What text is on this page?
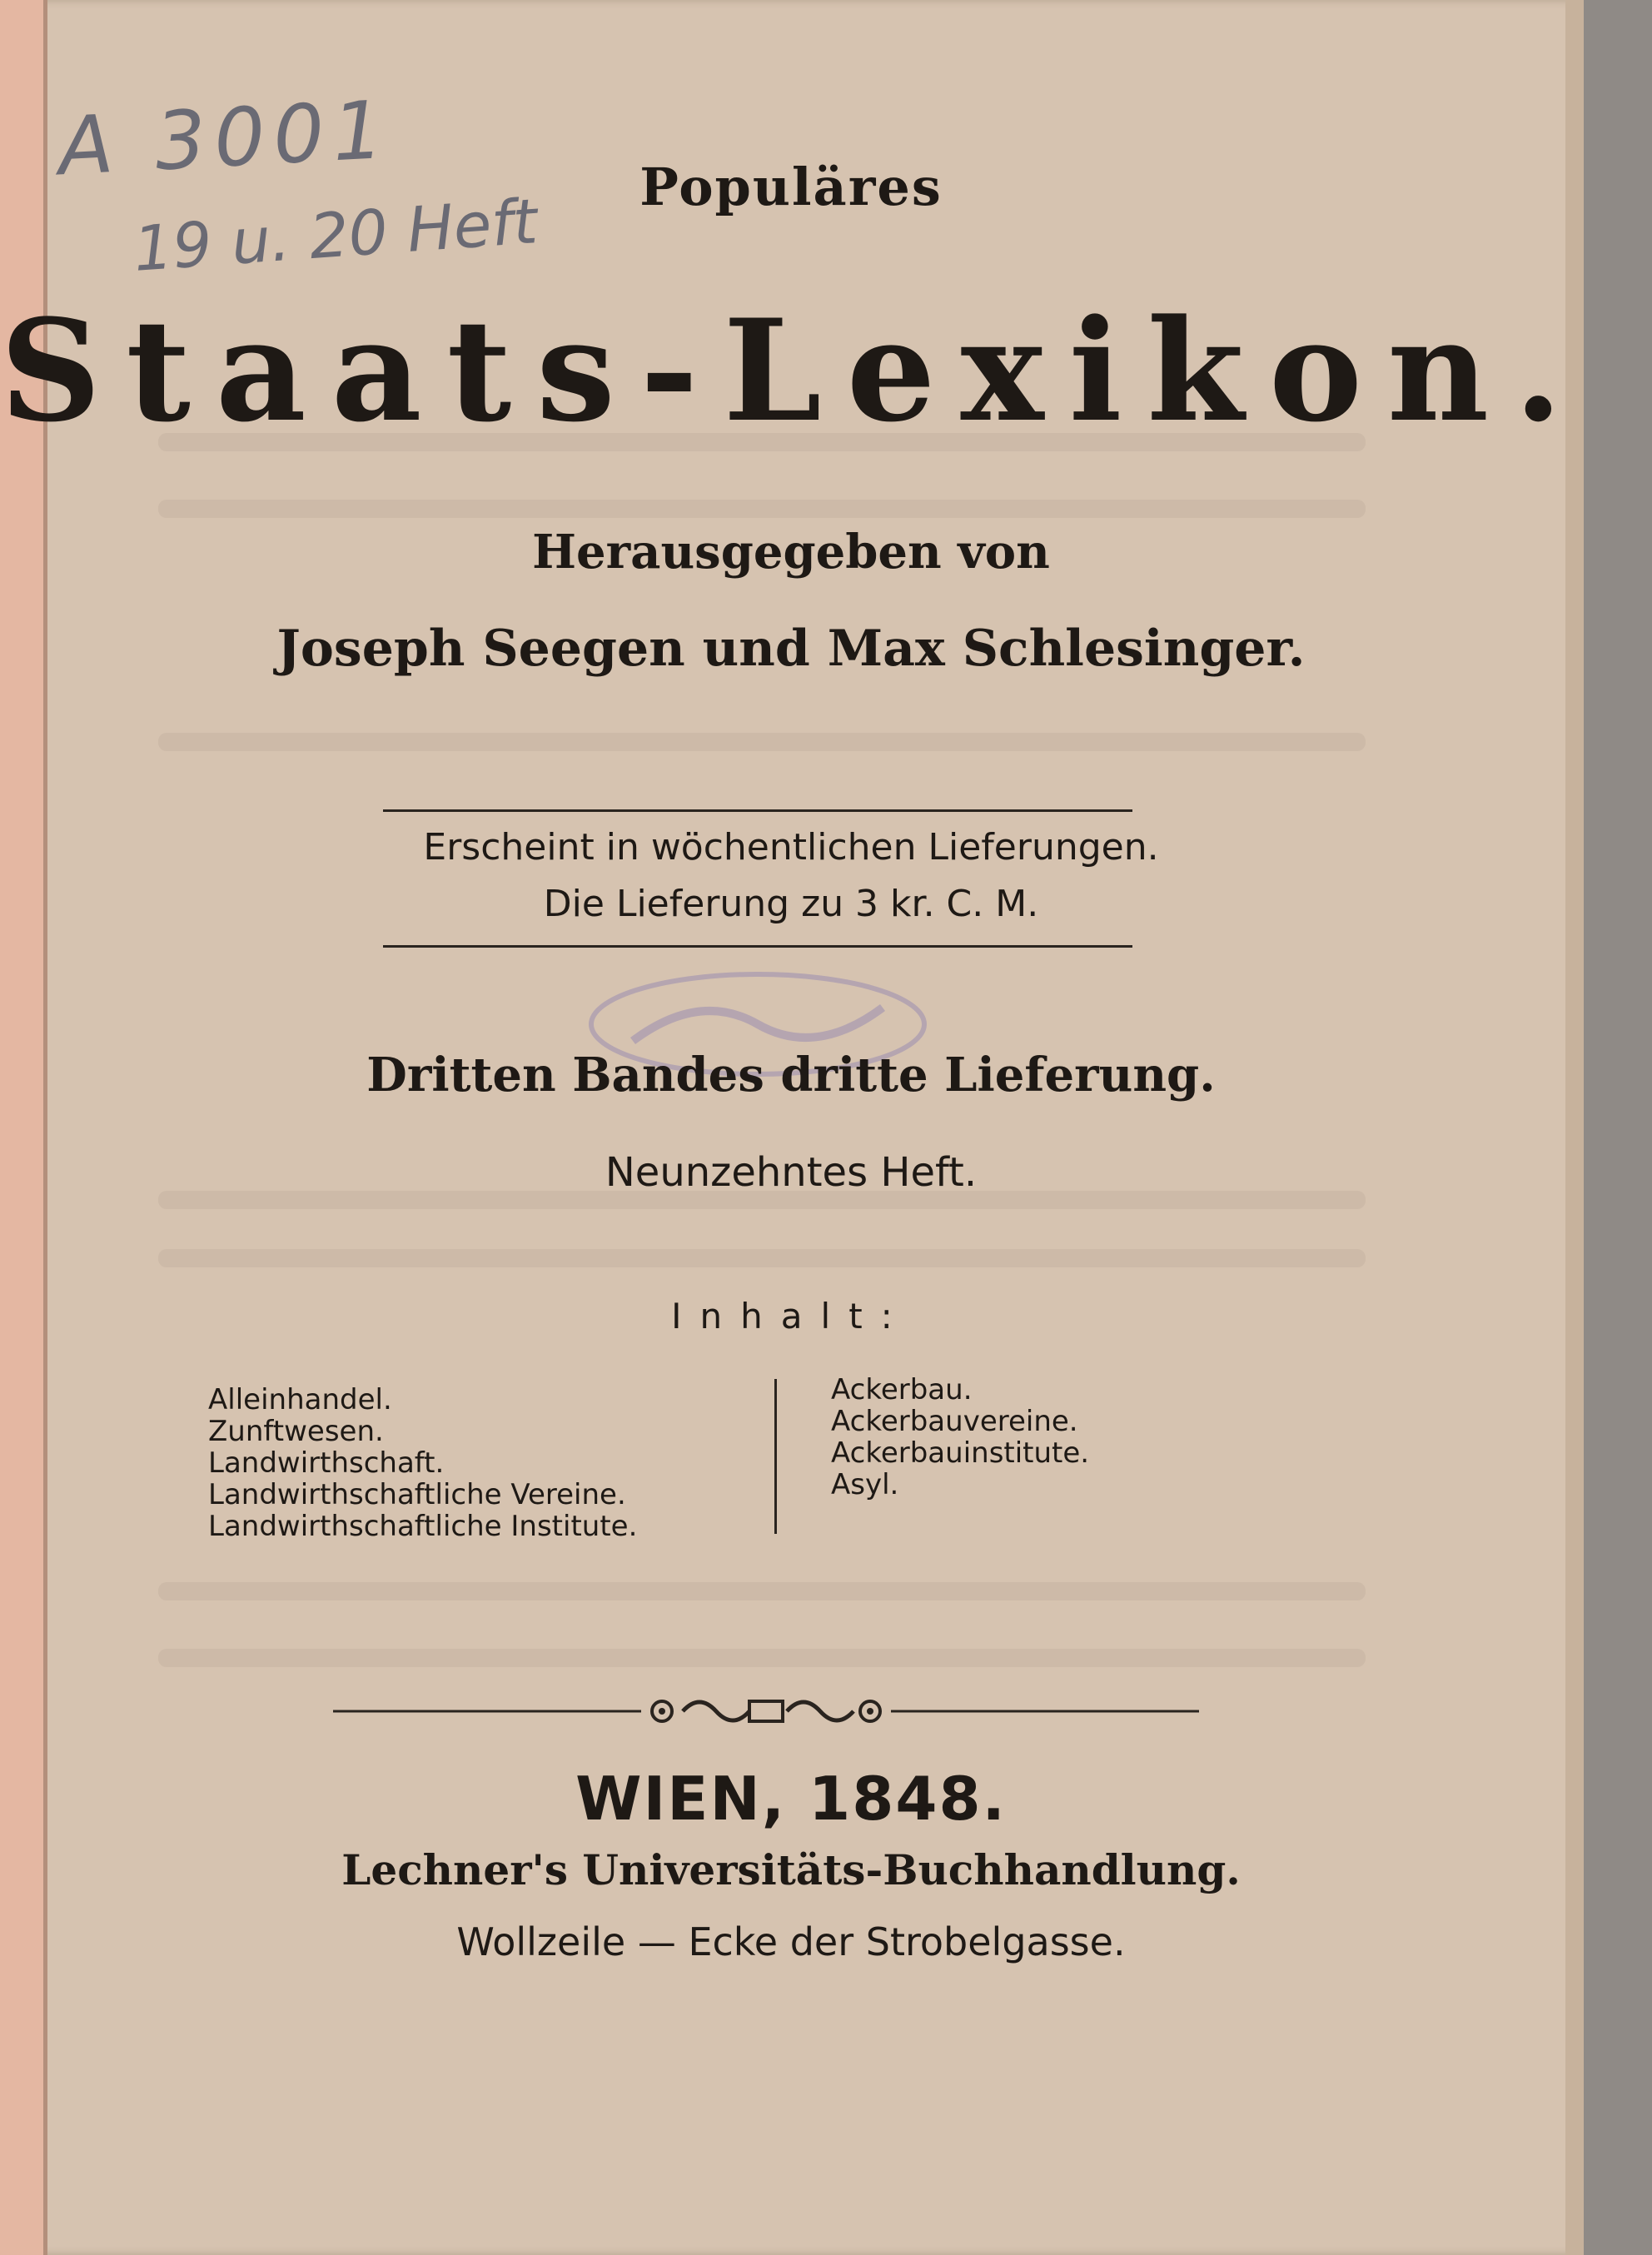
A 3001
19 u. 20 Heft	Populäres
Staats-Lexikon.
Herausgegeben von
Joseph Seegen und Max Schlesinger.
Erscheint in wöchentlichen Lieferungen.
Die Lieferung zu 3 kr. C. M.
Dritten Bandes dritte Lieferung.
Neunzehntes Heft.
Inhalt:
Alleinhandel.
Zunftwesen.
Landwirthschaft.
Landwirthschaftliche Vereine.
Landwirthschaftliche Institute.
Ackerbau.
Ackerbauvereine.
Ackerbauinstitute.
Asyl.
WIEN, 1848.
Lechner's Universitäts-Buchhandlung.
Wollzeile — Ecke der Strobelgasse.
